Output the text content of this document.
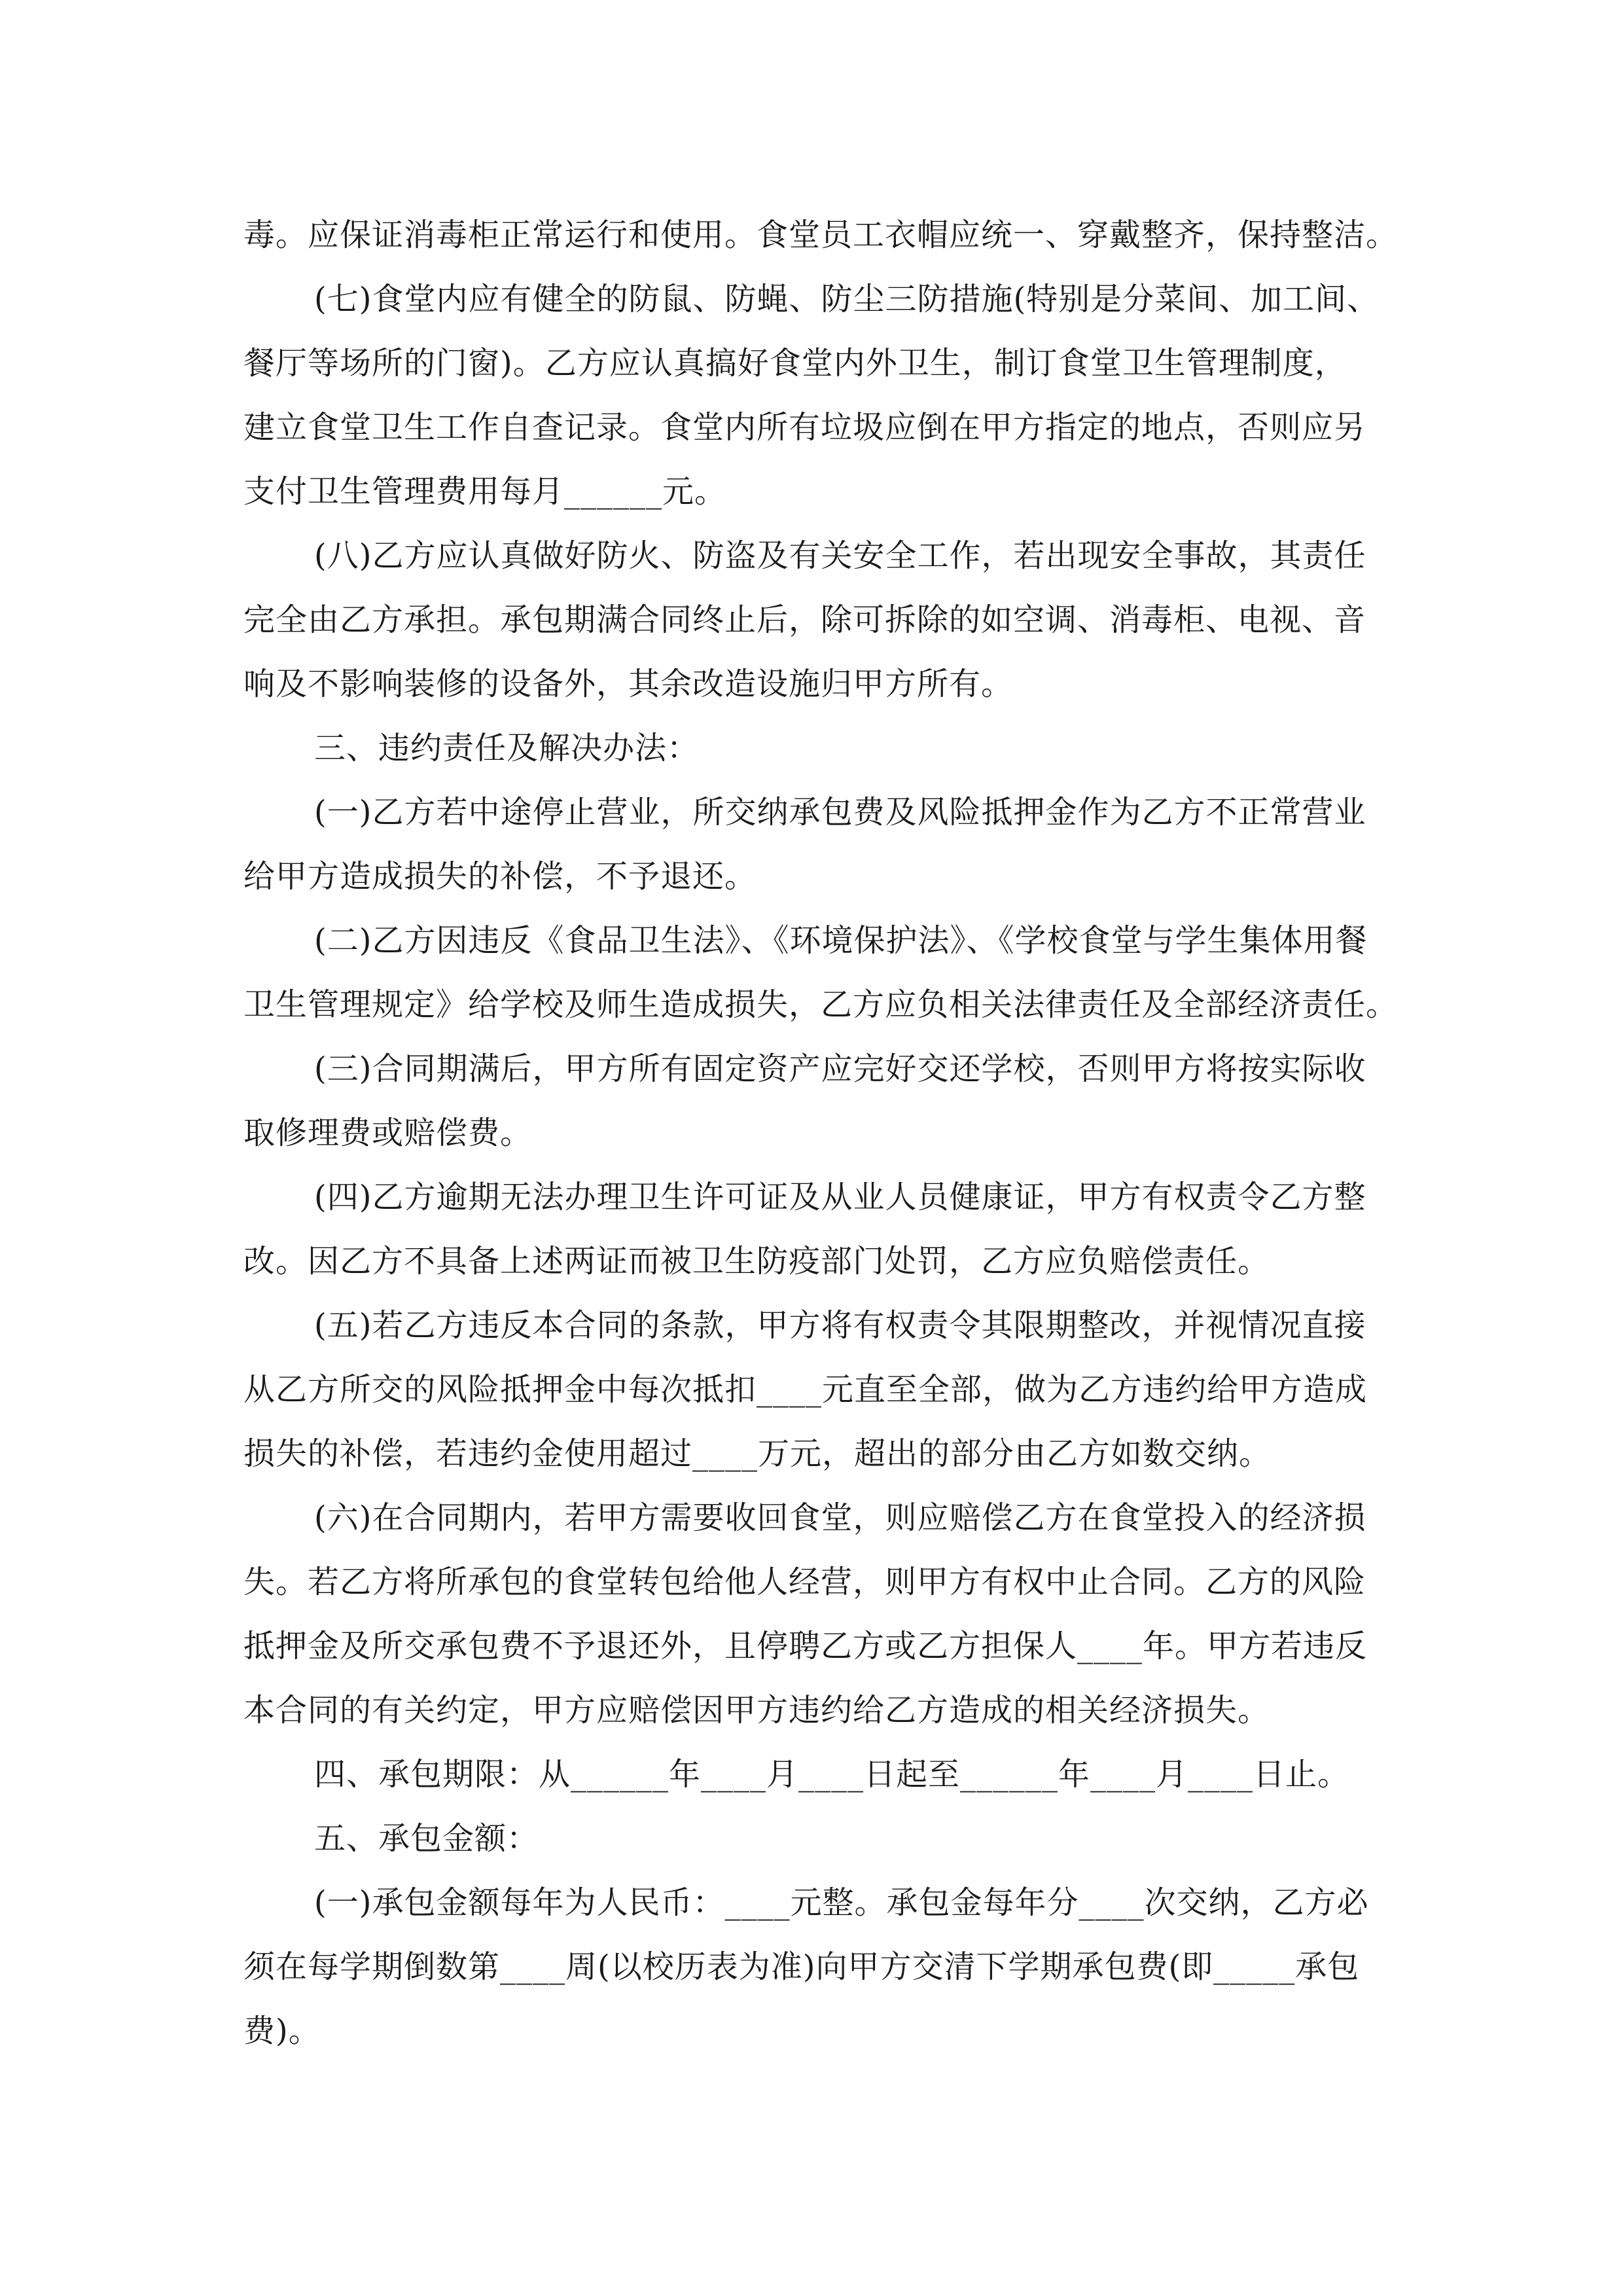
毒。应保证消毒柜正常运行和使用。食堂员工衣帽应统一、穿戴整齐，保持整洁。
(七)食堂内应有健全的防鼠、防蝇、防尘三防措施(特别是分菜间、加工间、
餐厅等场所的门窗)。乙方应认真搞好食堂内外卫生，制订食堂卫生管理制度，
建立食堂卫生工作自查记录。食堂内所有垃圾应倒在甲方指定的地点，否则应另
支付卫生管理费用每月______元。
(八)乙方应认真做好防火、防盗及有关安全工作，若出现安全事故，其责任
完全由乙方承担。承包期满合同终止后，除可拆除的如空调、消毒柜、电视、音
响及不影响装修的设备外，其余改造设施归甲方所有。
三、违约责任及解决办法：
(一)乙方若中途停止营业，所交纳承包费及风险抵押金作为乙方不正常营业
给甲方造成损失的补偿，不予退还。
(二)乙方因违反《食品卫生法》、《环境保护法》、《学校食堂与学生集体用餐
卫生管理规定》给学校及师生造成损失，乙方应负相关法律责任及全部经济责任。
(三)合同期满后，甲方所有固定资产应完好交还学校，否则甲方将按实际收
取修理费或赔偿费。
(四)乙方逾期无法办理卫生许可证及从业人员健康证，甲方有权责令乙方整
改。因乙方不具备上述两证而被卫生防疫部门处罚，乙方应负赔偿责任。
(五)若乙方违反本合同的条款，甲方将有权责令其限期整改，并视情况直接
从乙方所交的风险抵押金中每次抵扣____元直至全部，做为乙方违约给甲方造成
损失的补偿，若违约金使用超过____万元，超出的部分由乙方如数交纳。
(六)在合同期内，若甲方需要收回食堂，则应赔偿乙方在食堂投入的经济损
失。若乙方将所承包的食堂转包给他人经营，则甲方有权中止合同。乙方的风险
抵押金及所交承包费不予退还外，且停聘乙方或乙方担保人____年。甲方若违反
本合同的有关约定，甲方应赔偿因甲方违约给乙方造成的相关经济损失。
四、承包期限：从______年____月____日起至______年____月____日止。
五、承包金额：
(一)承包金额每年为人民币：____元整。承包金每年分____次交纳，乙方必
须在每学期倒数第____周(以校历表为准)向甲方交清下学期承包费(即_____承包
费)。
